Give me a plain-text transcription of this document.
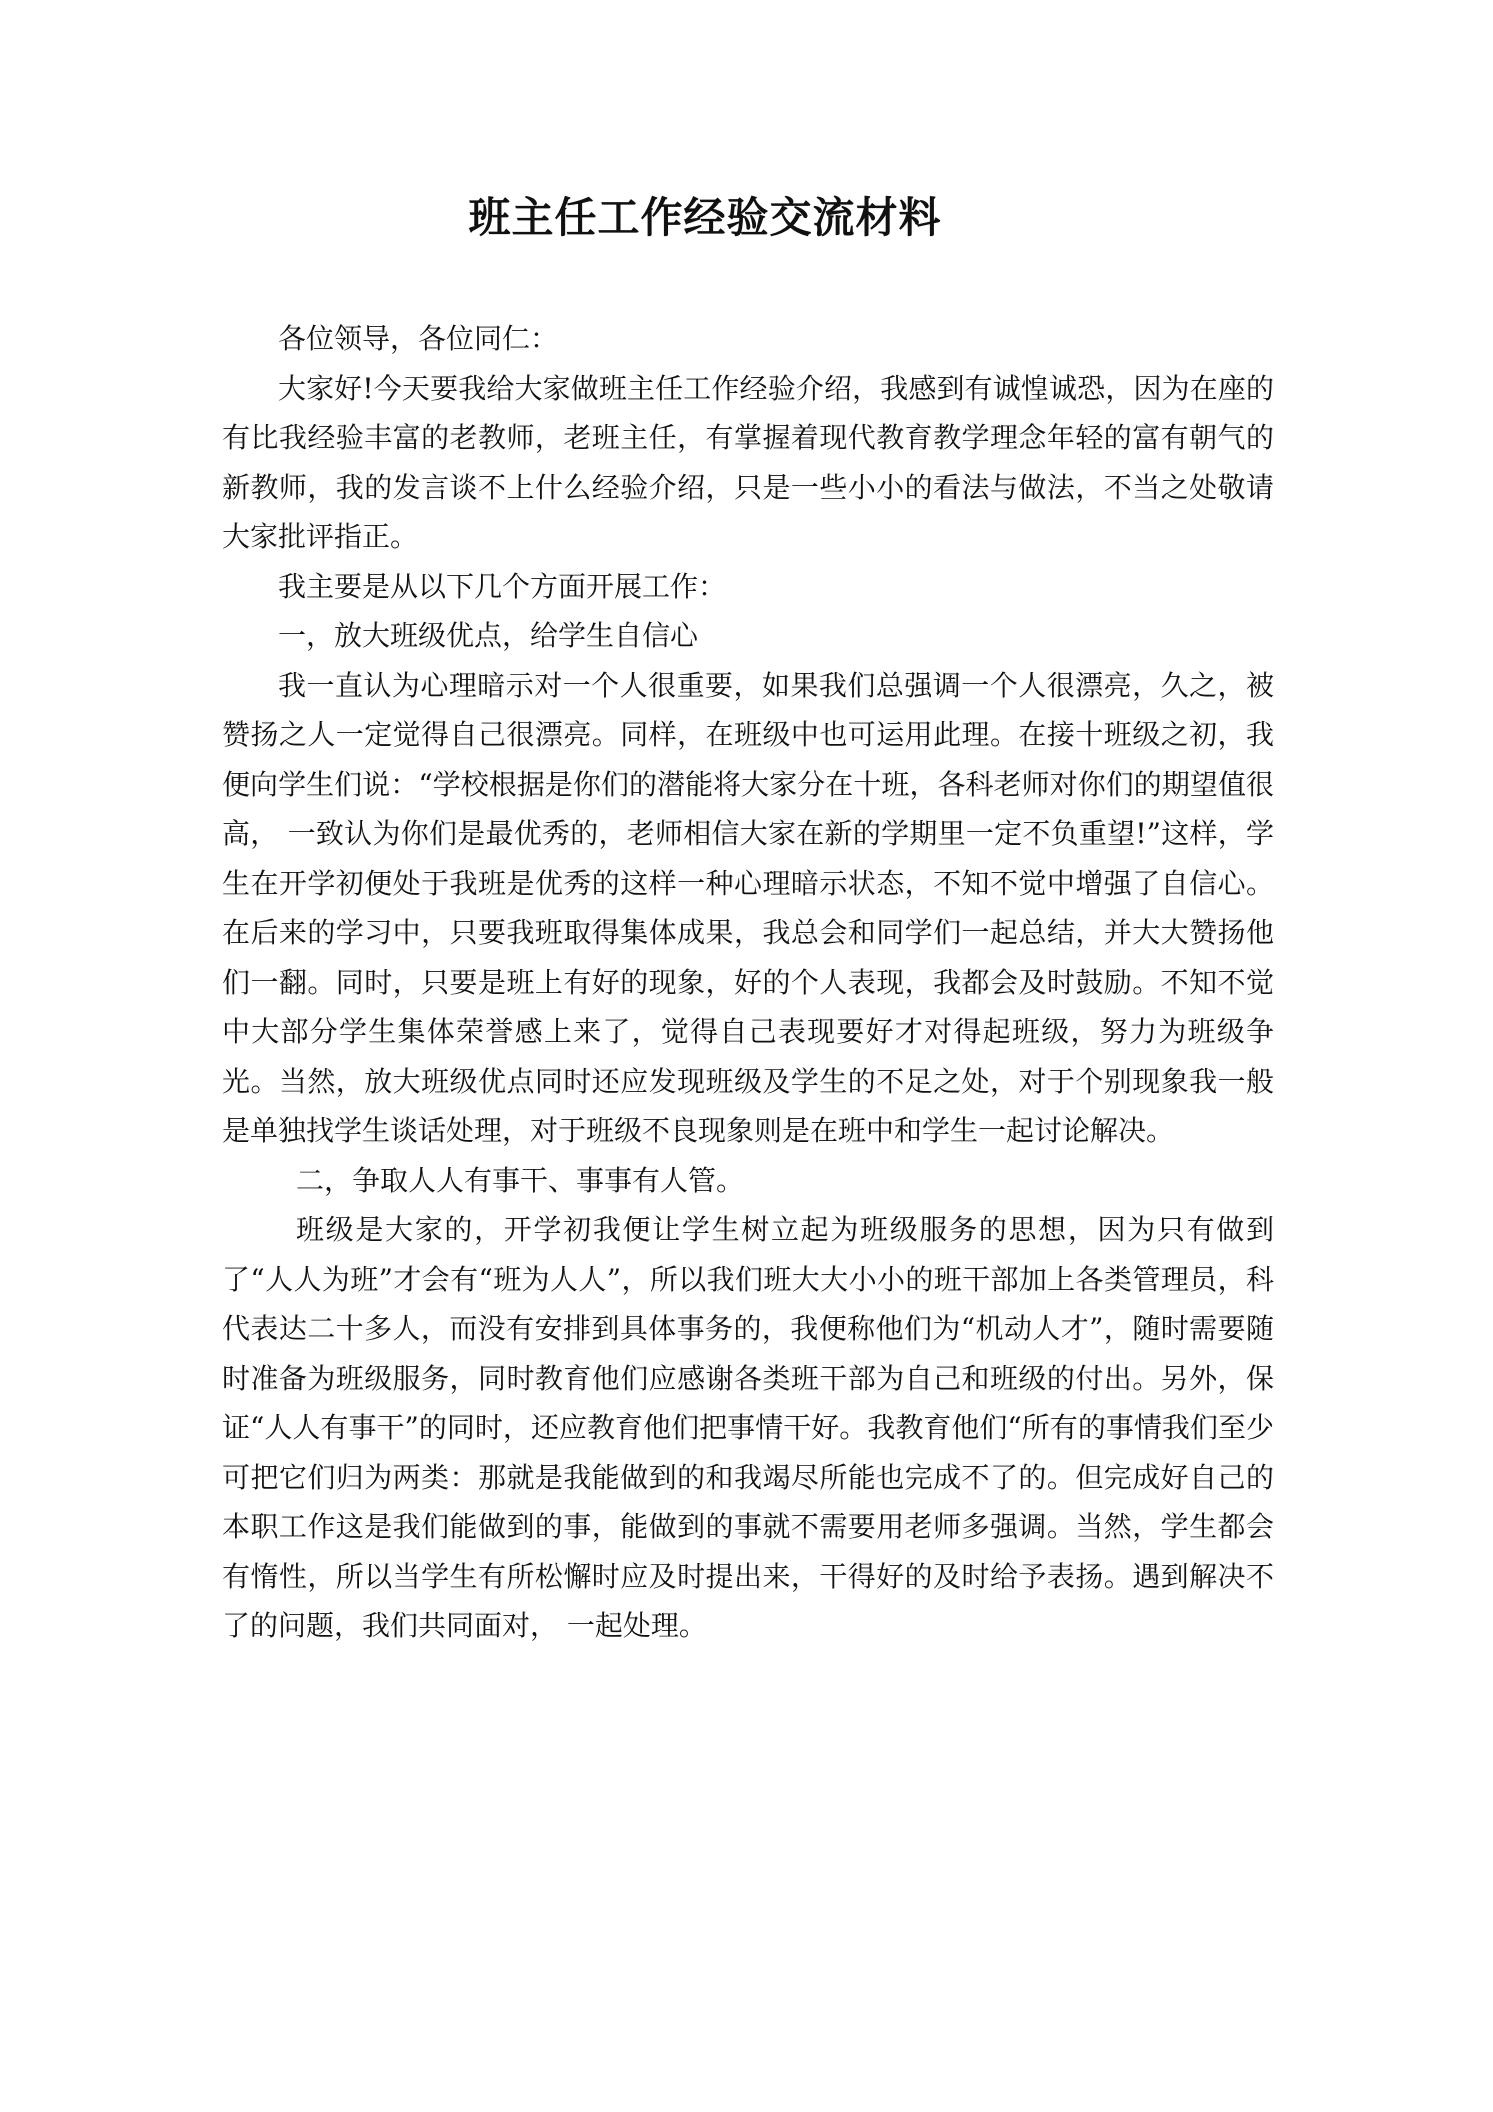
班主任工作经验交流材料

各位领导，各位同仁：

大家好!今天要我给大家做班主任工作经验介绍，我感到有诚惶诚恐，因为在座的有比我经验丰富的老教师，老班主任，有掌握着现代教育教学理念年轻的富有朝气的新教师，我的发言谈不上什么经验介绍，只是一些小小的看法与做法，不当之处敬请大家批评指正。

我主要是从以下几个方面开展工作：

一，放大班级优点，给学生自信心

我一直认为心理暗示对一个人很重要，如果我们总强调一个人很漂亮，久之，被赞扬之人一定觉得自己很漂亮。同样，在班级中也可运用此理。在接十班级之初，我便向学生们说：“学校根据是你们的潜能将大家分在十班，各科老师对你们的期望值很高， 一致认为你们是最优秀的，老师相信大家在新的学期里一定不负重望!”这样，学生在开学初便处于我班是优秀的这样一种心理暗示状态，不知不觉中增强了自信心。在后来的学习中，只要我班取得集体成果，我总会和同学们一起总结，并大大赞扬他们一翻。同时，只要是班上有好的现象，好的个人表现，我都会及时鼓励。不知不觉中大部分学生集体荣誉感上来了，觉得自己表现要好才对得起班级，努力为班级争光。当然，放大班级优点同时还应发现班级及学生的不足之处，对于个别现象我一般是单独找学生谈话处理，对于班级不良现象则是在班中和学生一起讨论解决。

二，争取人人有事干、事事有人管。

班级是大家的，开学初我便让学生树立起为班级服务的思想，因为只有做到了“人人为班”才会有“班为人人”，所以我们班大大小小的班干部加上各类管理员，科代表达二十多人，而没有安排到具体事务的，我便称他们为“机动人才”，随时需要随时准备为班级服务，同时教育他们应感谢各类班干部为自己和班级的付出。另外，保证“人人有事干”的同时，还应教育他们把事情干好。我教育他们“所有的事情我们至少可把它们归为两类：那就是我能做到的和我竭尽所能也完成不了的。但完成好自己的本职工作这是我们能做到的事，能做到的事就不需要用老师多强调。当然，学生都会有惰性，所以当学生有所松懈时应及时提出来，干得好的及时给予表扬。遇到解决不了的问题，我们共同面对， 一起处理。
